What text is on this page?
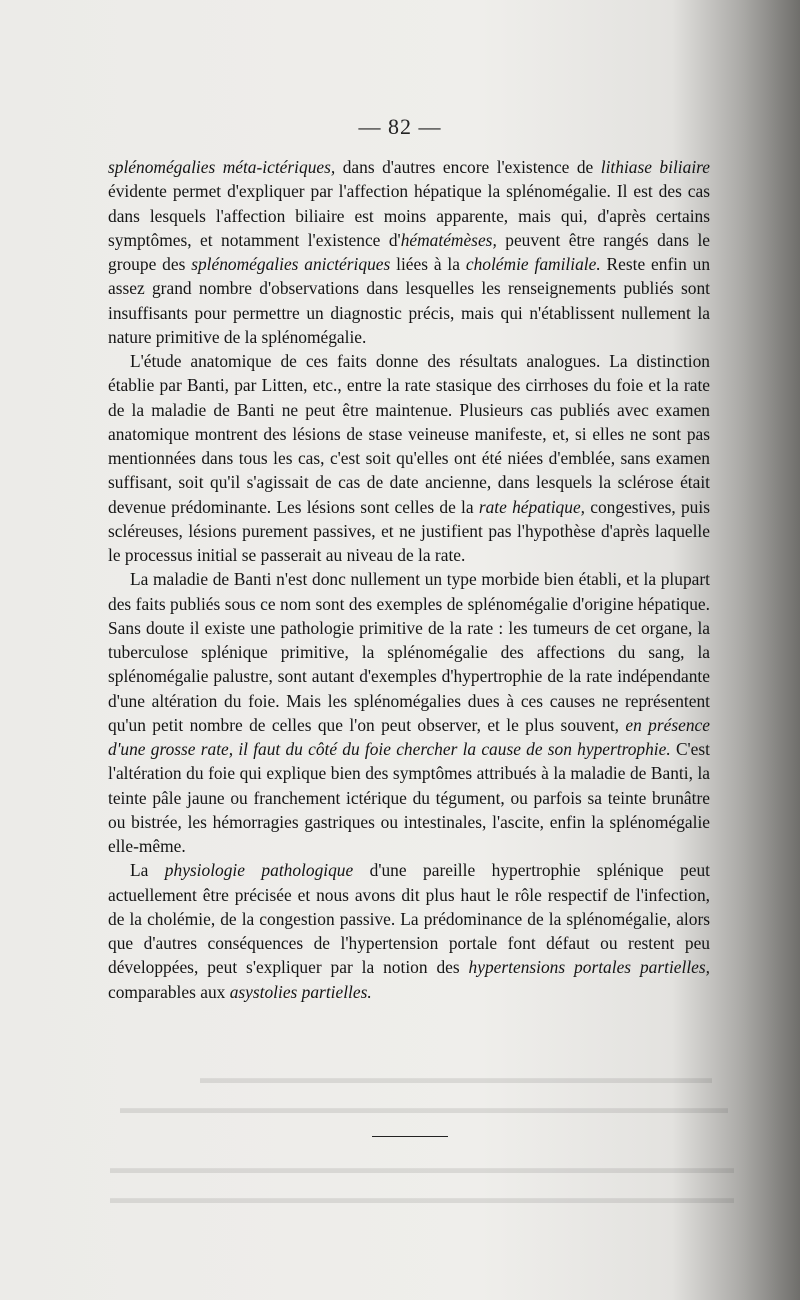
▬▬▬▬▬▬▬▬▬▬▬▬▬▬▬▬▬▬▬▬▬▬▬▬▬▬▬▬▬▬▬▬
▬▬▬▬▬▬▬▬▬▬▬▬▬▬▬▬▬▬▬▬▬▬▬▬▬▬▬▬▬▬▬▬▬▬▬▬▬▬
▬▬▬▬▬▬▬▬▬▬▬▬▬▬▬▬▬▬▬▬▬▬▬▬▬▬▬▬▬▬▬▬▬▬▬▬▬▬▬
▬▬▬▬▬▬▬▬▬▬▬▬▬▬▬▬▬▬▬▬▬▬▬▬▬▬▬▬▬▬▬▬▬▬▬▬▬▬▬
— 82 —

splénomégalies méta-ictériques, dans d'autres encore l'existence de lithiase biliaire évidente permet d'expliquer par l'affection hépatique la splénomégalie. Il est des cas dans lesquels l'affection biliaire est moins apparente, mais qui, d'après certains symptômes, et notamment l'existence d'hématémèses, peuvent être rangés dans le groupe des splénomégalies anictériques liées à la cholémie familiale. Reste enfin un assez grand nombre d'observations dans lesquelles les renseignements publiés sont insuffisants pour permettre un diagnostic précis, mais qui n'établissent nullement la nature primitive de la splénomégalie.

L'étude anatomique de ces faits donne des résultats analogues. La distinction établie par Banti, par Litten, etc., entre la rate stasique des cirrhoses du foie et la rate de la maladie de Banti ne peut être maintenue. Plusieurs cas publiés avec examen anatomique montrent des lésions de stase veineuse manifeste, et, si elles ne sont pas mentionnées dans tous les cas, c'est soit qu'elles ont été niées d'emblée, sans examen suffisant, soit qu'il s'agissait de cas de date ancienne, dans lesquels la sclérose était devenue prédominante. Les lésions sont celles de la rate hépatique, congestives, puis scléreuses, lésions purement passives, et ne justifient pas l'hypothèse d'après laquelle le processus initial se passerait au niveau de la rate.

La maladie de Banti n'est donc nullement un type morbide bien établi, et la plupart des faits publiés sous ce nom sont des exemples de splénomégalie d'origine hépatique. Sans doute il existe une pathologie primitive de la rate : les tumeurs de cet organe, la tuberculose splénique primitive, la splénomégalie des affections du sang, la splénomégalie palustre, sont autant d'exemples d'hypertrophie de la rate indépendante d'une altération du foie. Mais les splénomégalies dues à ces causes ne représentent qu'un petit nombre de celles que l'on peut observer, et le plus souvent, en présence d'une grosse rate, il faut du côté du foie chercher la cause de son hypertrophie. C'est l'altération du foie qui explique bien des symptômes attribués à la maladie de Banti, la teinte pâle jaune ou franchement ictérique du tégument, ou parfois sa teinte brunâtre ou bistrée, les hémorragies gastriques ou intestinales, l'ascite, enfin la splénomégalie elle-même.

La physiologie pathologique d'une pareille hypertrophie splénique peut actuellement être précisée et nous avons dit plus haut le rôle respectif de l'infection, de la cholémie, de la congestion passive. La prédominance de la splénomégalie, alors que d'autres conséquences de l'hypertension portale font défaut ou restent peu développées, peut s'expliquer par la notion des hypertensions portales partielles, comparables aux asystolies partielles.
